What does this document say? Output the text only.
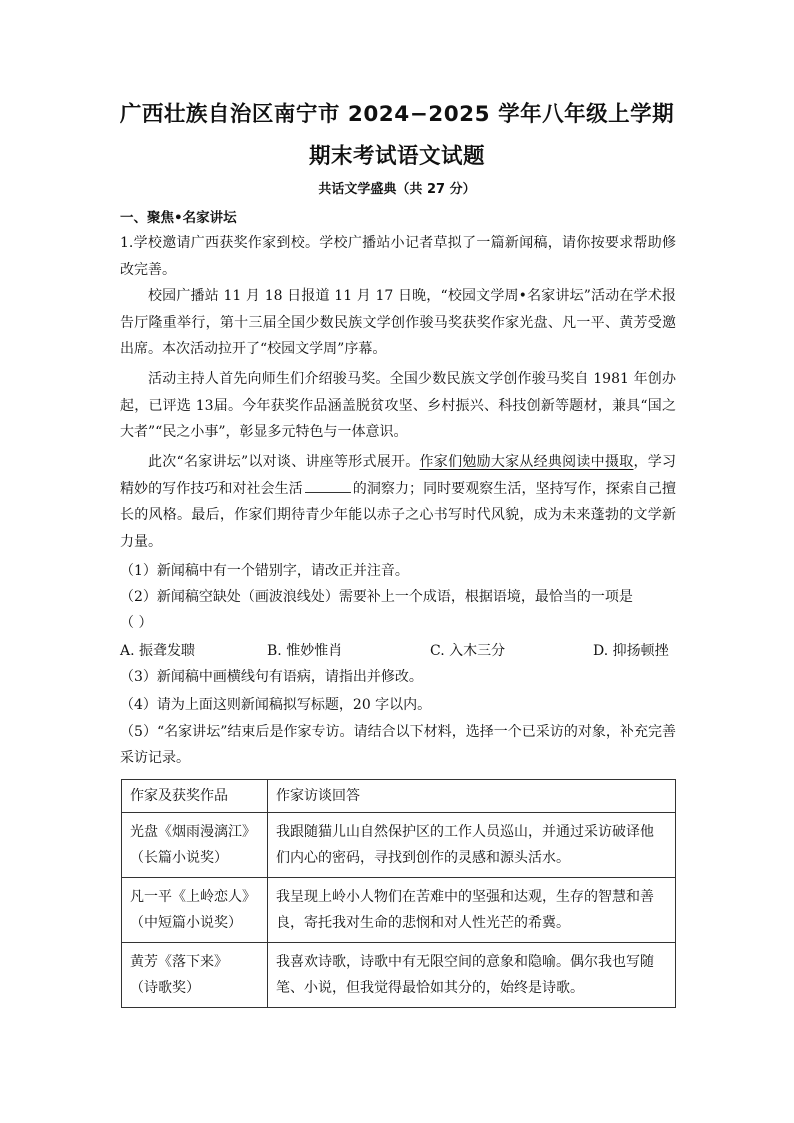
广西壮族自治区南宁市 2024−2025 学年八年级上学期
期末考试语文试题
共话文学盛典（共 27 分）
一、聚焦•名家讲坛

1.学校邀请广西获奖作家到校。学校广播站小记者草拟了一篇新闻稿，请你按要求帮助修改完善。

校园广播站 11 月 18 日报道 11 月 17 日晚，“校园文学周•名家讲坛”活动在学术报告厅隆重举行，第十三届全国少数民族文学创作骏马奖获奖作家光盘、凡一平、黄芳受邀出席。本次活动拉开了“校园文学周”序幕。

活动主持人首先向师生们介绍骏马奖。全国少数民族文学创作骏马奖自 1981 年创办起，已评选 13届。今年获奖作品涵盖脱贫攻坚、乡村振兴、科技创新等题材，兼具“国之大者”“民之小事”，彰显多元特色与一体意识。

此次“名家讲坛”以对谈、讲座等形式展开。作家们勉励大家从经典阅读中摄取，学习精妙的写作技巧和对社会生活	的洞察力；同时要观察生活，坚持写作，探索自己擅长的风格。最后，作家们期待青少年能以赤子之心书写时代风貌，成为未来蓬勃的文学新力量。

（1）新闻稿中有一个错别字，请改正并注音。

（2）新闻稿空缺处（画波浪线处）需要补上一个成语，根据语境，最恰当的一项是

（ ）

A. 振聋发聩	B. 惟妙惟肖	C. 入木三分	D. 抑扬顿挫

（3）新闻稿中画横线句有语病，请指出并修改。

（4）请为上面这则新闻稿拟写标题，20 字以内。

（5）“名家讲坛”结束后是作家专访。请结合以下材料，选择一个已采访的对象，补充完善采访记录。

作家及获奖作品	作家访谈回答

光盘《烟雨漫漓江》
（长篇小说奖）	我跟随猫儿山自然保护区的工作人员巡山，并通过采访破译他们内心的密码，寻找到创作的灵感和源头活水。

凡一平《上岭恋人》
（中短篇小说奖）	我呈现上岭小人物们在苦难中的坚强和达观，生存的智慧和善良，寄托我对生命的悲悯和对人性光芒的希冀。

黄芳《落下来》
（诗歌奖）	我喜欢诗歌，诗歌中有无限空间的意象和隐喻。偶尔我也写随笔、小说，但我觉得最恰如其分的，始终是诗歌。
